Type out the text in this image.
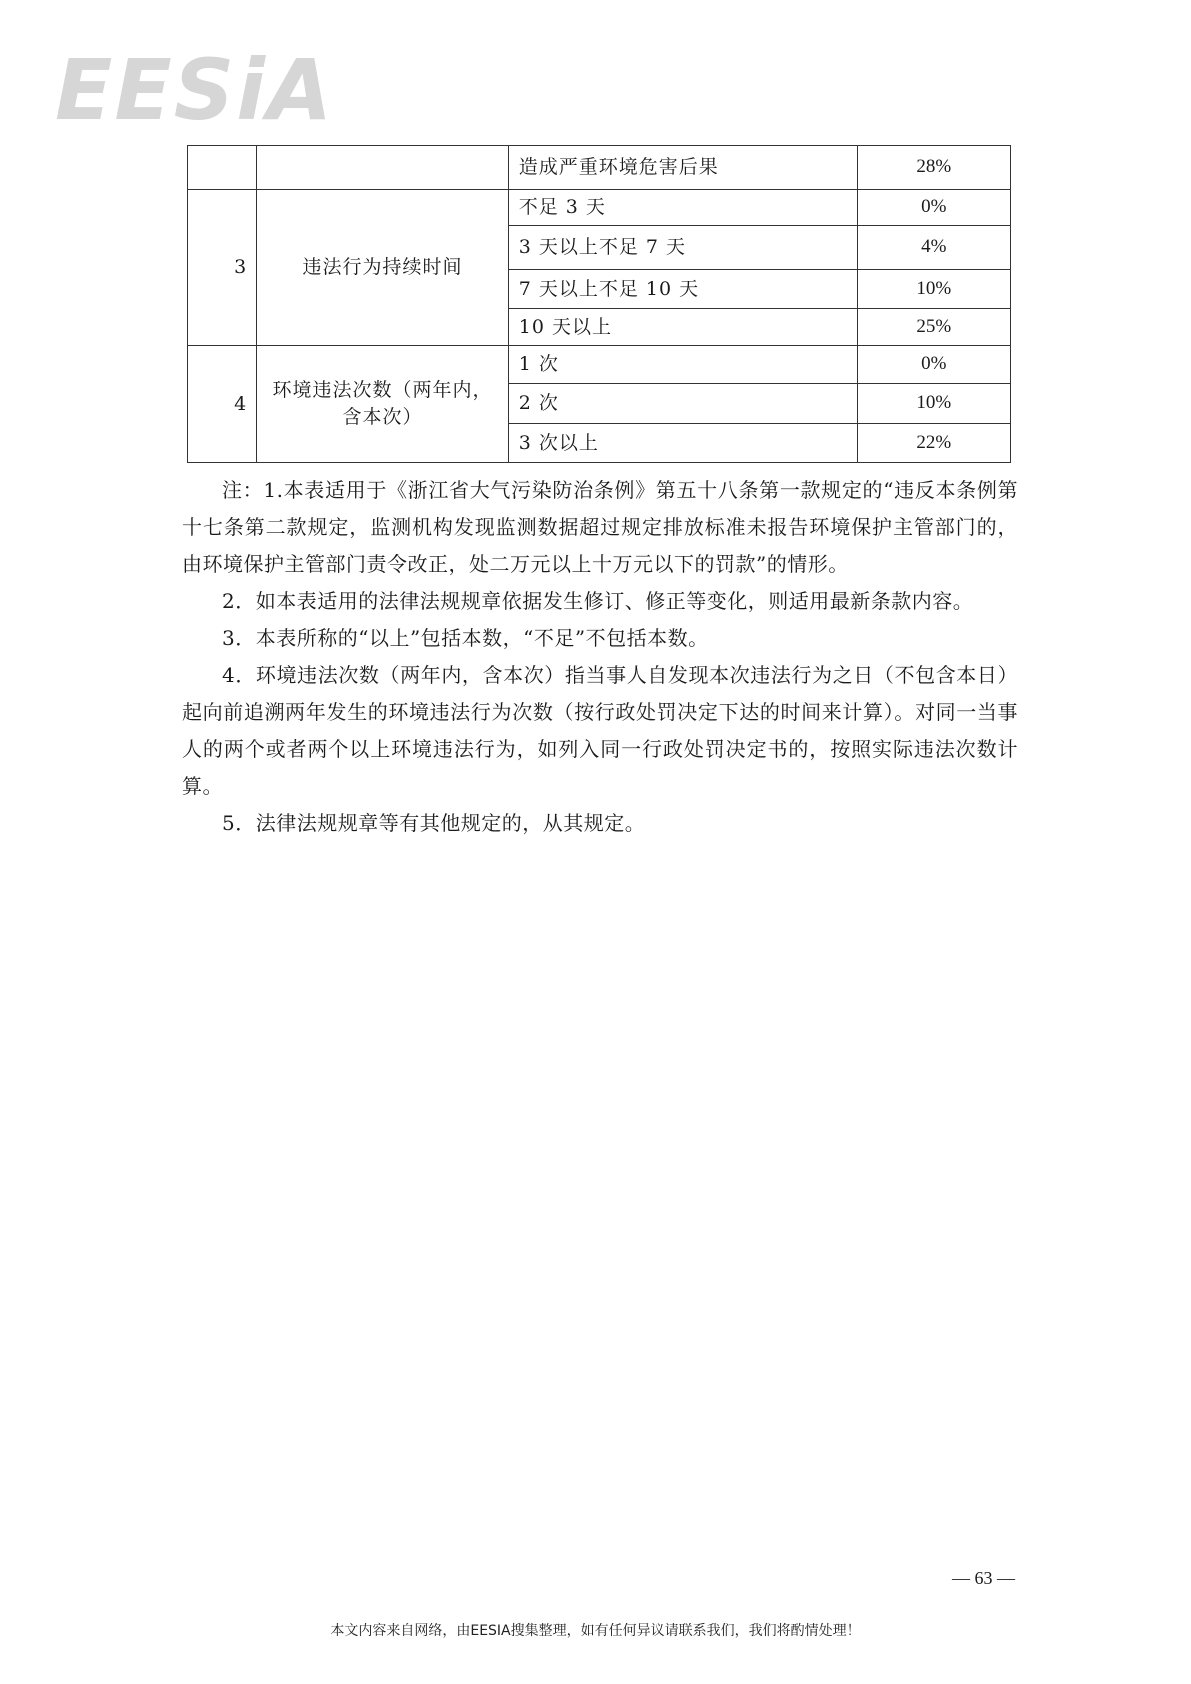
EESiA
		造成严重环境危害后果	28%
3	违法行为持续时间	不足 3 天	0%
		3 天以上不足 7 天	4%
		7 天以上不足 10 天	10%
		10 天以上	25%
4	环境违法次数（两年内，含本次）	1 次	0%
		2 次	10%
		3 次以上	22%

注：1.本表适用于《浙江省大气污染防治条例》第五十八条第一款规定的“违反本条例第十七条第二款规定，监测机构发现监测数据超过规定排放标准未报告环境保护主管部门的，由环境保护主管部门责令改正，处二万元以上十万元以下的罚款”的情形。

2．如本表适用的法律法规规章依据发生修订、修正等变化，则适用最新条款内容。

3．本表所称的“以上”包括本数，“不足”不包括本数。

4．环境违法次数（两年内，含本次）指当事人自发现本次违法行为之日（不包含本日）起向前追溯两年发生的环境违法行为次数（按行政处罚决定下达的时间来计算）。对同一当事人的两个或者两个以上环境违法行为，如列入同一行政处罚决定书的，按照实际违法次数计算。

5．法律法规规章等有其他规定的，从其规定。

— 63 —
本文内容来自网络，由EESIA搜集整理，如有任何异议请联系我们，我们将酌情处理！
